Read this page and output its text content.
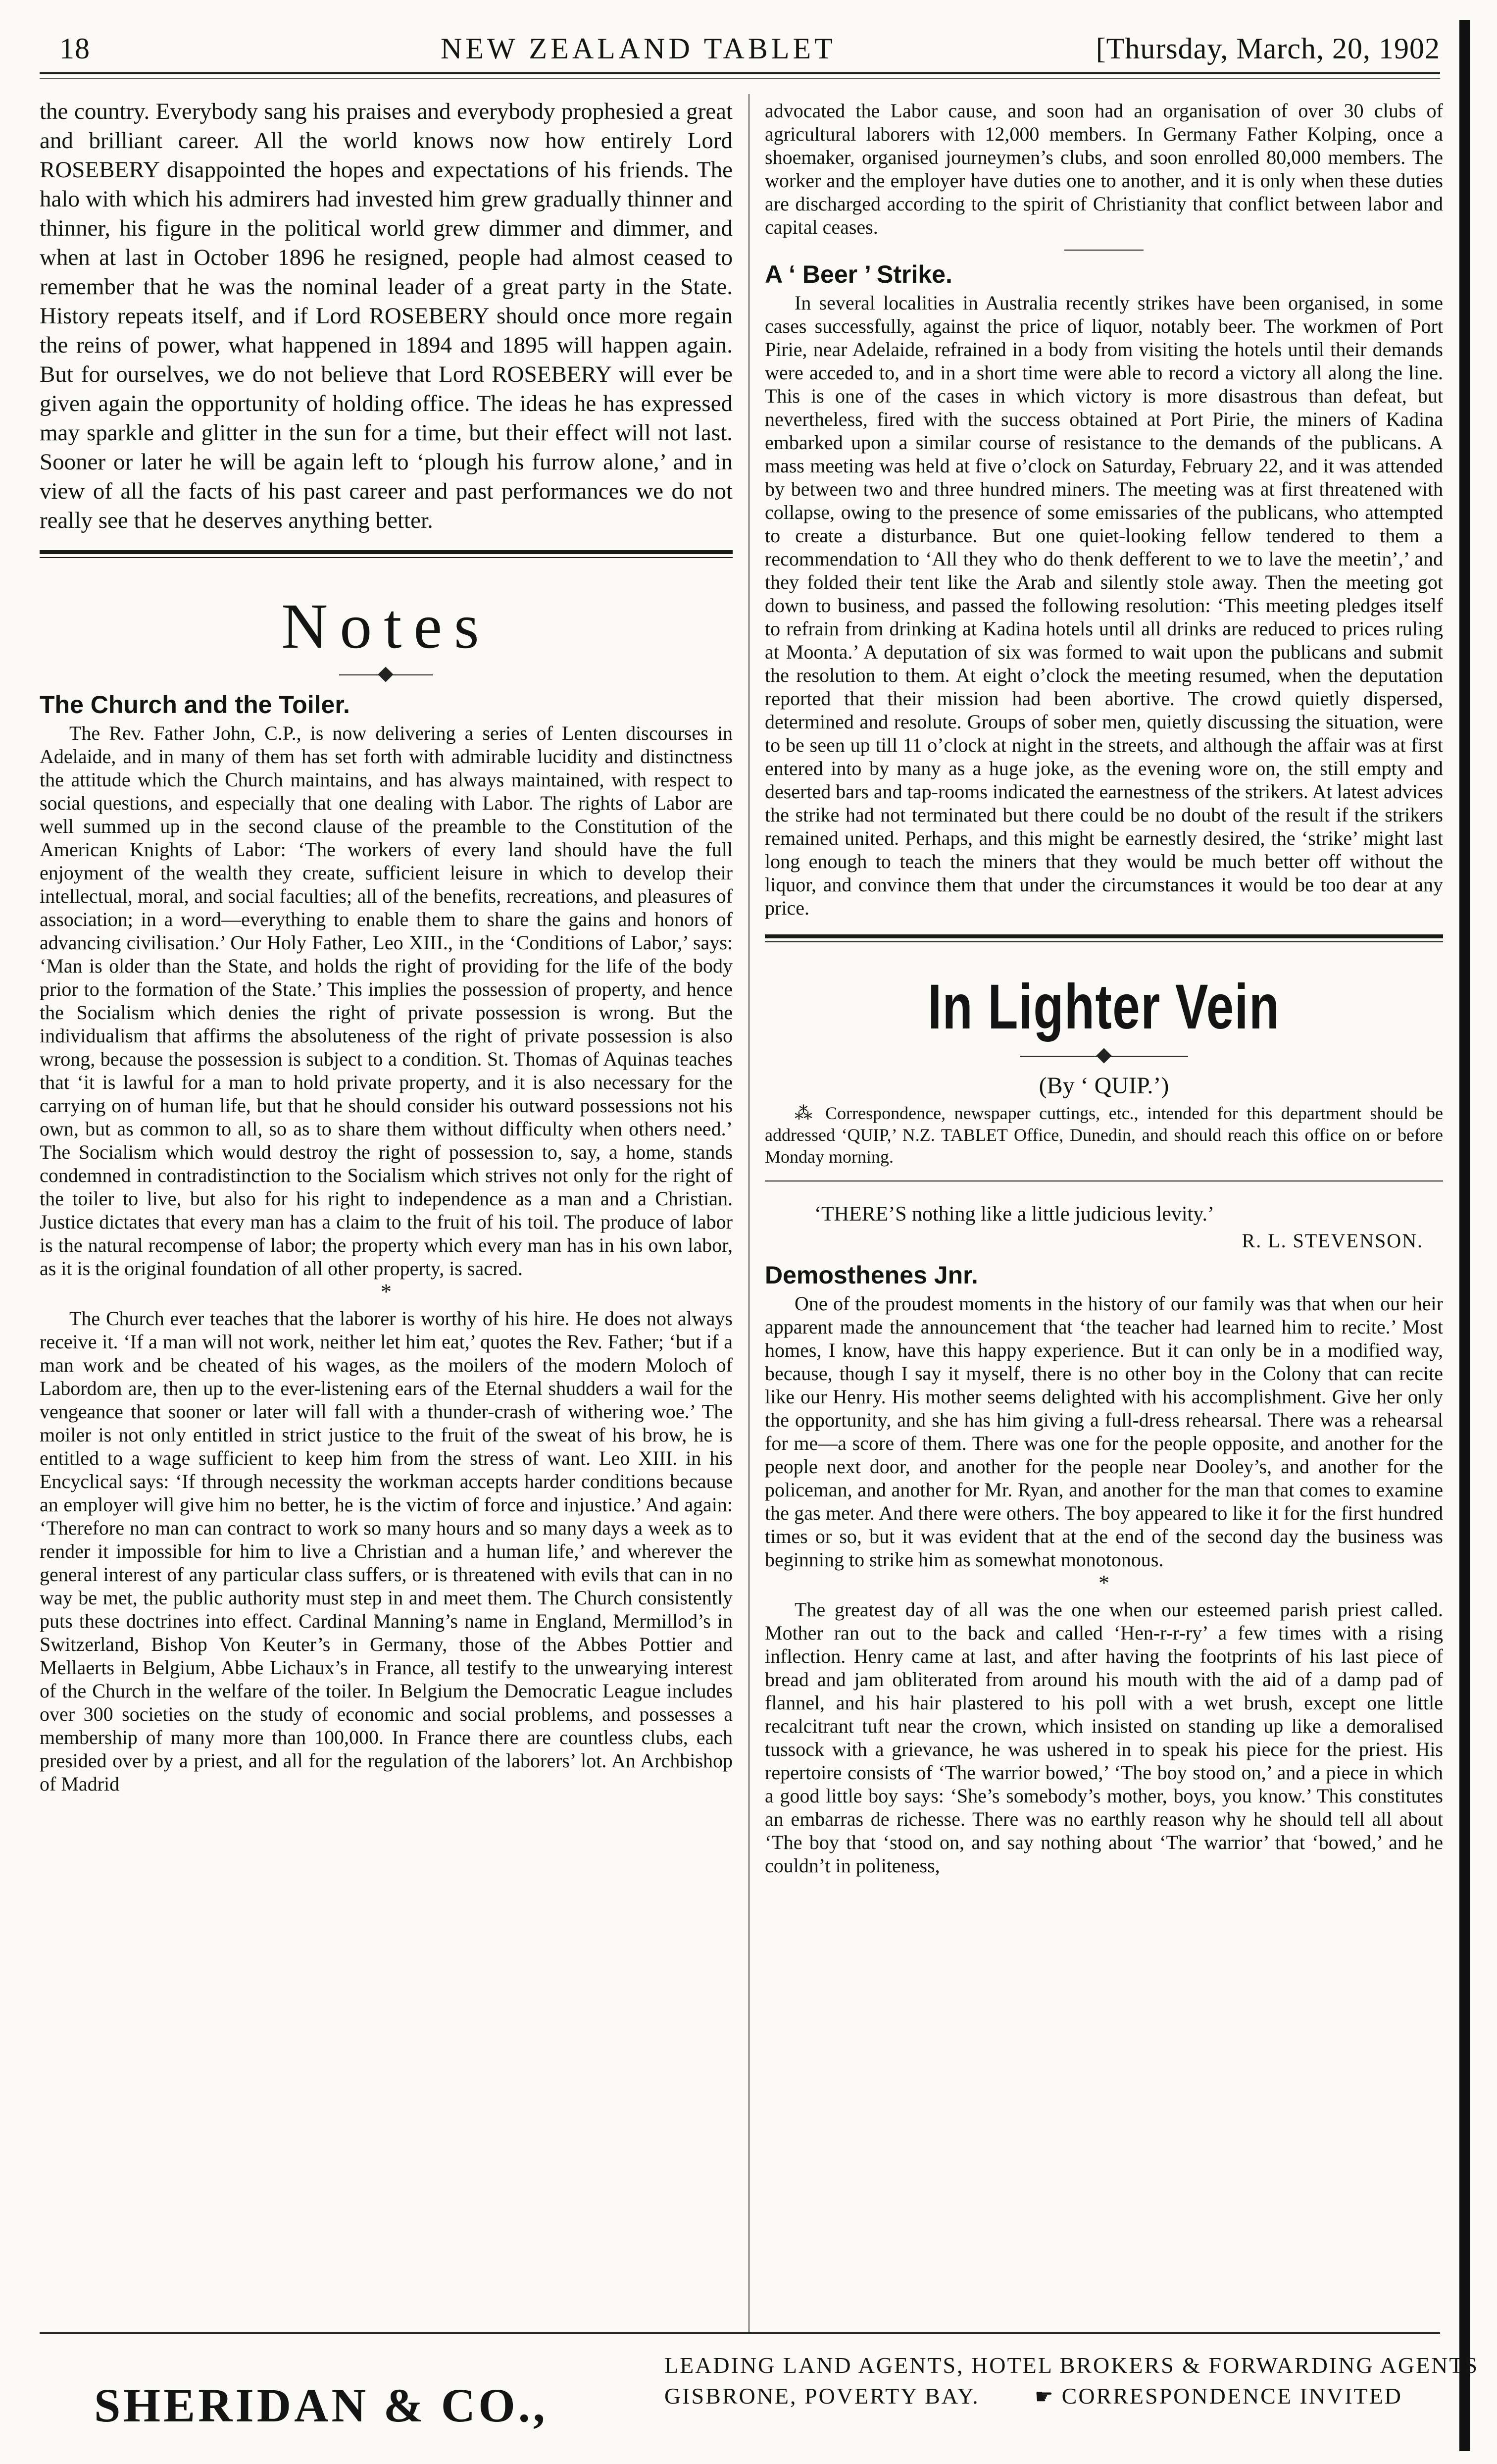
18	NEW ZEALAND TABLET	[Thursday, March, 20, 1902

the country. Everybody sang his praises and everybody prophesied a great and brilliant career. All the world knows now how entirely Lord ROSEBERY disappointed the hopes and expectations of his friends. The halo with which his admirers had invested him grew gradually thinner and thinner, his figure in the political world grew dimmer and dimmer, and when at last in October 1896 he resigned, people had almost ceased to remember that he was the nominal leader of a great party in the State. History repeats itself, and if Lord ROSEBERY should once more regain the reins of power, what happened in 1894 and 1895 will happen again. But for ourselves, we do not believe that Lord ROSEBERY will ever be given again the opportunity of holding office. The ideas he has expressed may sparkle and glitter in the sun for a time, but their effect will not last. Sooner or later he will be again left to ‘plough his furrow alone,’ and in view of all the facts of his past career and past performances we do not really see that he deserves anything better.

Notes
The Church and the Toiler.

The Rev. Father John, C.P., is now delivering a series of Lenten discourses in Adelaide, and in many of them has set forth with admirable lucidity and distinctness the attitude which the Church maintains, and has always maintained, with respect to social questions, and especially that one dealing with Labor. The rights of Labor are well summed up in the second clause of the preamble to the Constitution of the American Knights of Labor: ‘The workers of every land should have the full enjoyment of the wealth they create, sufficient leisure in which to develop their intellectual, moral, and social faculties; all of the benefits, recreations, and pleasures of association; in a word—everything to enable them to share the gains and honors of advancing civilisation.’ Our Holy Father, Leo XIII., in the ‘Conditions of Labor,’ says: ‘Man is older than the State, and holds the right of providing for the life of the body prior to the formation of the State.’ This implies the possession of property, and hence the Socialism which denies the right of private possession is wrong. But the individualism that affirms the absoluteness of the right of private possession is also wrong, because the possession is subject to a condition. St. Thomas of Aquinas teaches that ‘it is lawful for a man to hold private property, and it is also necessary for the carrying on of human life, but that he should consider his outward possessions not his own, but as common to all, so as to share them without difficulty when others need.’ The Socialism which would destroy the right of possession to, say, a home, stands condemned in contradistinction to the Socialism which strives not only for the right of the toiler to live, but also for his right to independence as a man and a Christian. Justice dictates that every man has a claim to the fruit of his toil. The produce of labor is the natural recompense of labor; the property which every man has in his own labor, as it is the original foundation of all other property, is sacred.

*

The Church ever teaches that the laborer is worthy of his hire. He does not always receive it. ‘If a man will not work, neither let him eat,’ quotes the Rev. Father; ‘but if a man work and be cheated of his wages, as the moilers of the modern Moloch of Labordom are, then up to the ever-listening ears of the Eternal shudders a wail for the vengeance that sooner or later will fall with a thunder-crash of withering woe.’ The moiler is not only entitled in strict justice to the fruit of the sweat of his brow, he is entitled to a wage sufficient to keep him from the stress of want. Leo XIII. in his Encyclical says: ‘If through necessity the workman accepts harder conditions because an employer will give him no better, he is the victim of force and injustice.’ And again: ‘Therefore no man can contract to work so many hours and so many days a week as to render it impossible for him to live a Christian and a human life,’ and wherever the general interest of any particular class suffers, or is threatened with evils that can in no way be met, the public authority must step in and meet them. The Church consistently puts these doctrines into effect. Cardinal Manning’s name in England, Mermillod’s in Switzerland, Bishop Von Keuter’s in Germany, those of the Abbes Pottier and Mellaerts in Belgium, Abbe Lichaux’s in France, all testify to the unwearying interest of the Church in the welfare of the toiler. In Belgium the Democratic League includes over 300 societies on the study of economic and social problems, and possesses a membership of many more than 100,000. In France there are countless clubs, each presided over by a priest, and all for the regulation of the laborers’ lot. An Archbishop of Madrid

advocated the Labor cause, and soon had an organisation of over 30 clubs of agricultural laborers with 12,000 members. In Germany Father Kolping, once a shoemaker, organised journeymen’s clubs, and soon enrolled 80,000 members. The worker and the employer have duties one to another, and it is only when these duties are discharged according to the spirit of Christianity that conflict between labor and capital ceases.

A ‘ Beer ’ Strike.

In several localities in Australia recently strikes have been organised, in some cases successfully, against the price of liquor, notably beer. The workmen of Port Pirie, near Adelaide, refrained in a body from visiting the hotels until their demands were acceded to, and in a short time were able to record a victory all along the line. This is one of the cases in which victory is more disastrous than defeat, but nevertheless, fired with the success obtained at Port Pirie, the miners of Kadina embarked upon a similar course of resistance to the demands of the publicans. A mass meeting was held at five o’clock on Saturday, February 22, and it was attended by between two and three hundred miners. The meeting was at first threatened with collapse, owing to the presence of some emissaries of the publicans, who attempted to create a disturbance. But one quiet-looking fellow tendered to them a recommendation to ‘All they who do thenk defferent to we to lave the meetin’,’ and they folded their tent like the Arab and silently stole away. Then the meeting got down to business, and passed the following resolution: ‘This meeting pledges itself to refrain from drinking at Kadina hotels until all drinks are reduced to prices ruling at Moonta.’ A deputation of six was formed to wait upon the publicans and submit the resolution to them. At eight o’clock the meeting resumed, when the deputation reported that their mission had been abortive. The crowd quietly dispersed, determined and resolute. Groups of sober men, quietly discussing the situation, were to be seen up till 11 o’clock at night in the streets, and although the affair was at first entered into by many as a huge joke, as the evening wore on, the still empty and deserted bars and tap-rooms indicated the earnestness of the strikers. At latest advices the strike had not terminated but there could be no doubt of the result if the strikers remained united. Perhaps, and this might be earnestly desired, the ‘strike’ might last long enough to teach the miners that they would be much better off without the liquor, and convince them that under the circumstances it would be too dear at any price.

In Lighter Vein
(By ‘ QUIP.’)

⁂ Correspondence, newspaper cuttings, etc., intended for this department should be addressed ‘QUIP,’ N.Z. TABLET Office, Dunedin, and should reach this office on or before Monday morning.

‘THERE’S nothing like a little judicious levity.’
R. L. STEVENSON.
Demosthenes Jnr.

One of the proudest moments in the history of our family was that when our heir apparent made the announcement that ‘the teacher had learned him to recite.’ Most homes, I know, have this happy experience. But it can only be in a modified way, because, though I say it myself, there is no other boy in the Colony that can recite like our Henry. His mother seems delighted with his accomplishment. Give her only the opportunity, and she has him giving a full-dress rehearsal. There was a rehearsal for me—a score of them. There was one for the people opposite, and another for the people next door, and another for the people near Dooley’s, and another for the policeman, and another for Mr. Ryan, and another for the man that comes to examine the gas meter. And there were others. The boy appeared to like it for the first hundred times or so, but it was evident that at the end of the second day the business was beginning to strike him as somewhat monotonous.

*

The greatest day of all was the one when our esteemed parish priest called. Mother ran out to the back and called ‘Hen-r-r-ry’ a few times with a rising inflection. Henry came at last, and after having the footprints of his last piece of bread and jam obliterated from around his mouth with the aid of a damp pad of flannel, and his hair plastered to his poll with a wet brush, except one little recalcitrant tuft near the crown, which insisted on standing up like a demoralised tussock with a grievance, he was ushered in to speak his piece for the priest. His repertoire consists of ‘The warrior bowed,’ ‘The boy stood on,’ and a piece in which a good little boy says: ‘She’s somebody’s mother, boys, you know.’ This constitutes an embarras de richesse. There was no earthly reason why he should tell all about ‘The boy that ‘stood on, and say nothing about ‘The warrior’ that ‘bowed,’ and he couldn’t in politeness,

SHERIDAN & CO.,
LEADING LAND AGENTS, HOTEL BROKERS & FORWARDING AGENTS
GISBRONE, POVERTY BAY.	☛ CORRESPONDENCE INVITED
